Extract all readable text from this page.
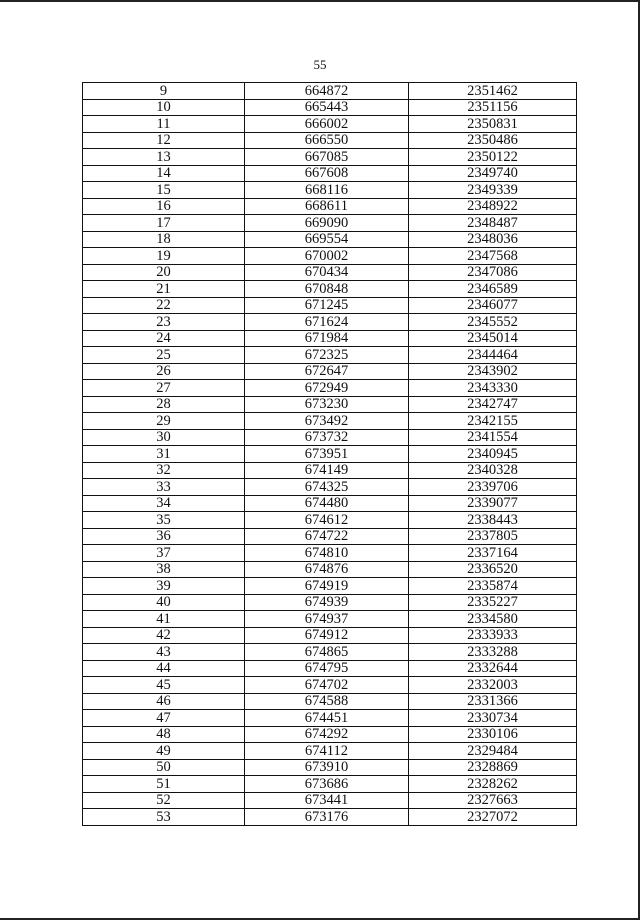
55
9	664872	2351462
10	665443	2351156
11	666002	2350831
12	666550	2350486
13	667085	2350122
14	667608	2349740
15	668116	2349339
16	668611	2348922
17	669090	2348487
18	669554	2348036
19	670002	2347568
20	670434	2347086
21	670848	2346589
22	671245	2346077
23	671624	2345552
24	671984	2345014
25	672325	2344464
26	672647	2343902
27	672949	2343330
28	673230	2342747
29	673492	2342155
30	673732	2341554
31	673951	2340945
32	674149	2340328
33	674325	2339706
34	674480	2339077
35	674612	2338443
36	674722	2337805
37	674810	2337164
38	674876	2336520
39	674919	2335874
40	674939	2335227
41	674937	2334580
42	674912	2333933
43	674865	2333288
44	674795	2332644
45	674702	2332003
46	674588	2331366
47	674451	2330734
48	674292	2330106
49	674112	2329484
50	673910	2328869
51	673686	2328262
52	673441	2327663
53	673176	2327072
